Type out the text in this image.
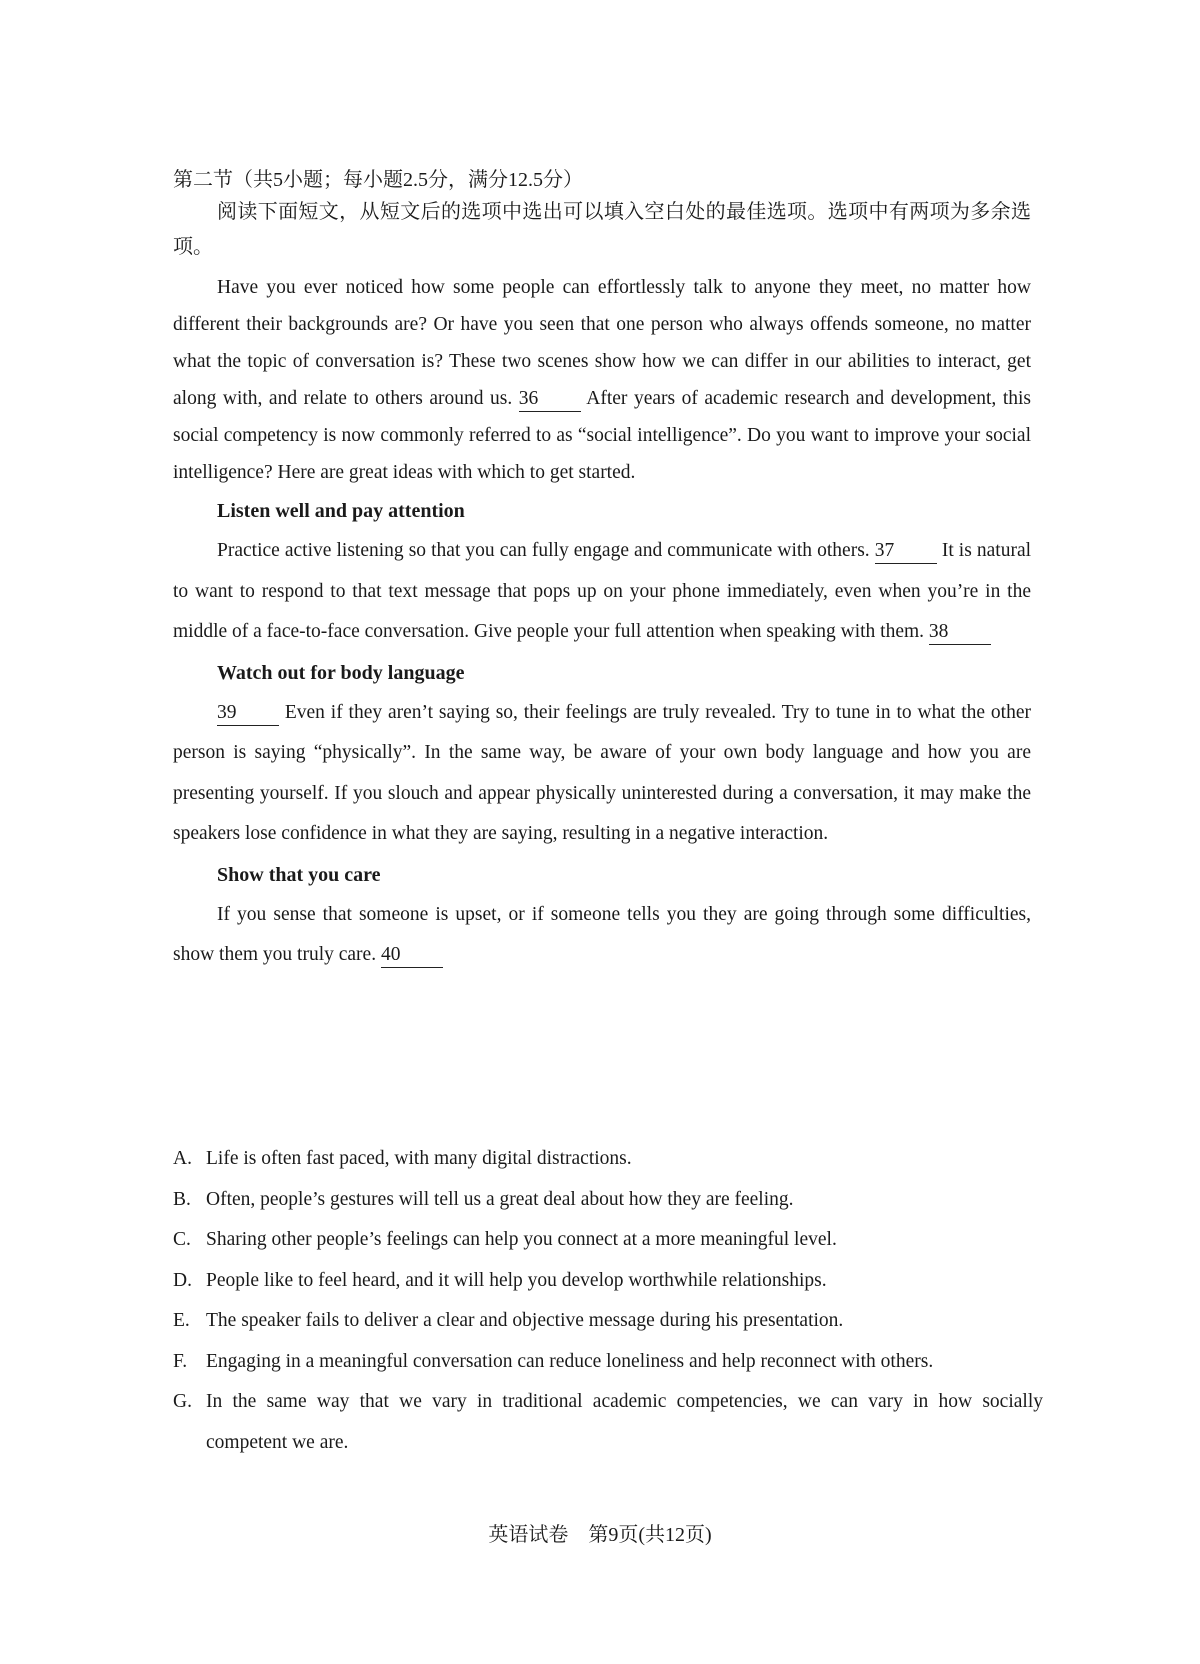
第二节（共5小题；每小题2.5分，满分12.5分）

阅读下面短文，从短文后的选项中选出可以填入空白处的最佳选项。选项中有两项为多余选项。

Have you ever noticed how some people can effortlessly talk to anyone they meet, no matter how different their backgrounds are? Or have you seen that one person who always offends someone, no matter what the topic of conversation is? These two scenes show how we can differ in our abilities to interact, get along with, and relate to others around us. 36 After years of academic research and development, this social competency is now commonly referred to as “social intelligence”. Do you want to improve your social intelligence? Here are great ideas with which to get started.

Listen well and pay attention

Practice active listening so that you can fully engage and communicate with others. 37 It is natural to want to respond to that text message that pops up on your phone immediately, even when you’re in the middle of a face-to-face conversation. Give people your full attention when speaking with them. 38

Watch out for body language

39 Even if they aren’t saying so, their feelings are truly revealed. Try to tune in to what the other person is saying “physically”. In the same way, be aware of your own body language and how you are presenting yourself. If you slouch and appear physically uninterested during a conversation, it may make the speakers lose confidence in what they are saying, resulting in a negative interaction.

Show that you care

If you sense that someone is upset, or if someone tells you they are going through some difficulties, show them you truly care. 40

A. Life is often fast paced, with many digital distractions.
B. Often, people’s gestures will tell us a great deal about how they are feeling.
C. Sharing other people’s feelings can help you connect at a more meaningful level.
D. People like to feel heard, and it will help you develop worthwhile relationships.
E. The speaker fails to deliver a clear and objective message during his presentation.
F. Engaging in a meaningful conversation can reduce loneliness and help reconnect with others.
G. In the same way that we vary in traditional academic competencies, we can vary in how socially competent we are.
英语试卷　第9页(共12页)
